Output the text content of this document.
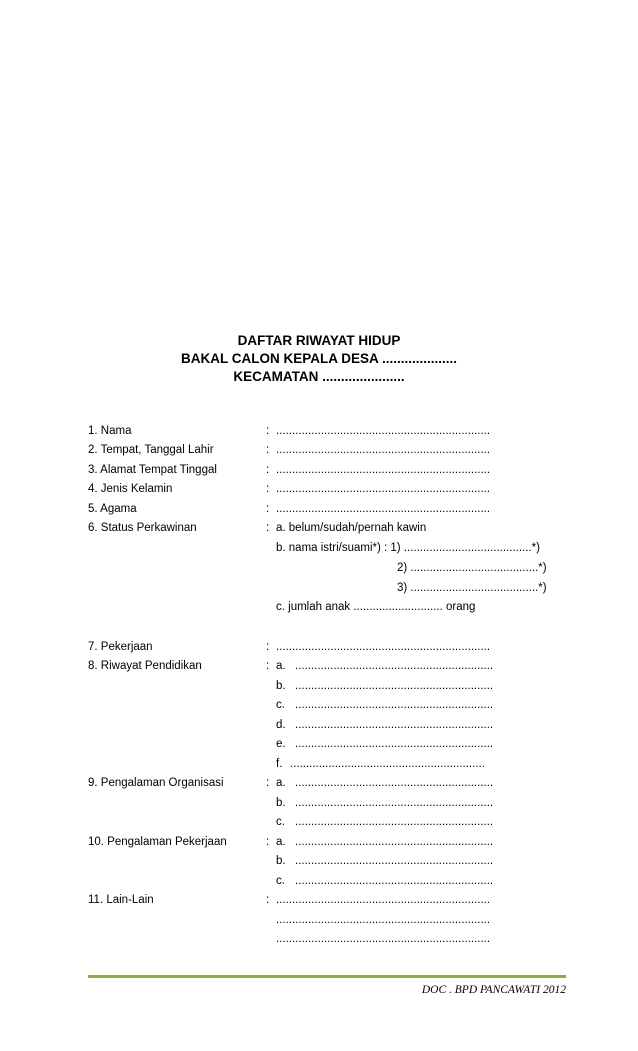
DAFTAR RIWAYAT HIDUP
BAKAL CALON KEPALA DESA ....................
KECAMATAN ......................
1. Nama	: ...................................................................
2. Tempat, Tanggal Lahir	: ...................................................................
3. Alamat Tempat Tinggal	: ...................................................................
4. Jenis Kelamin	: ...................................................................
5. Agama	: ...................................................................
6. Status Perkawinan	: a. belum/sudah/pernah kawin
b. nama istri/suami*) : 1) ........................................*)
2) ........................................*)
3) ........................................*)
c. jumlah anak ............................ orang
7. Pekerjaan	: ...................................................................
8. Riwayat Pendidikan	: a. ..............................................................
b. ..............................................................
c. ..............................................................
d. ..............................................................
e. ..............................................................
f. .............................................................
9. Pengalaman Organisasi	: a. ..............................................................
b. ..............................................................
c. ..............................................................
10. Pengalaman Pekerjaan	: a. ..............................................................
b. ..............................................................
c. ..............................................................
11. Lain-Lain	: ...................................................................
...................................................................
...................................................................
DOC . BPD PANCAWATI 2012
